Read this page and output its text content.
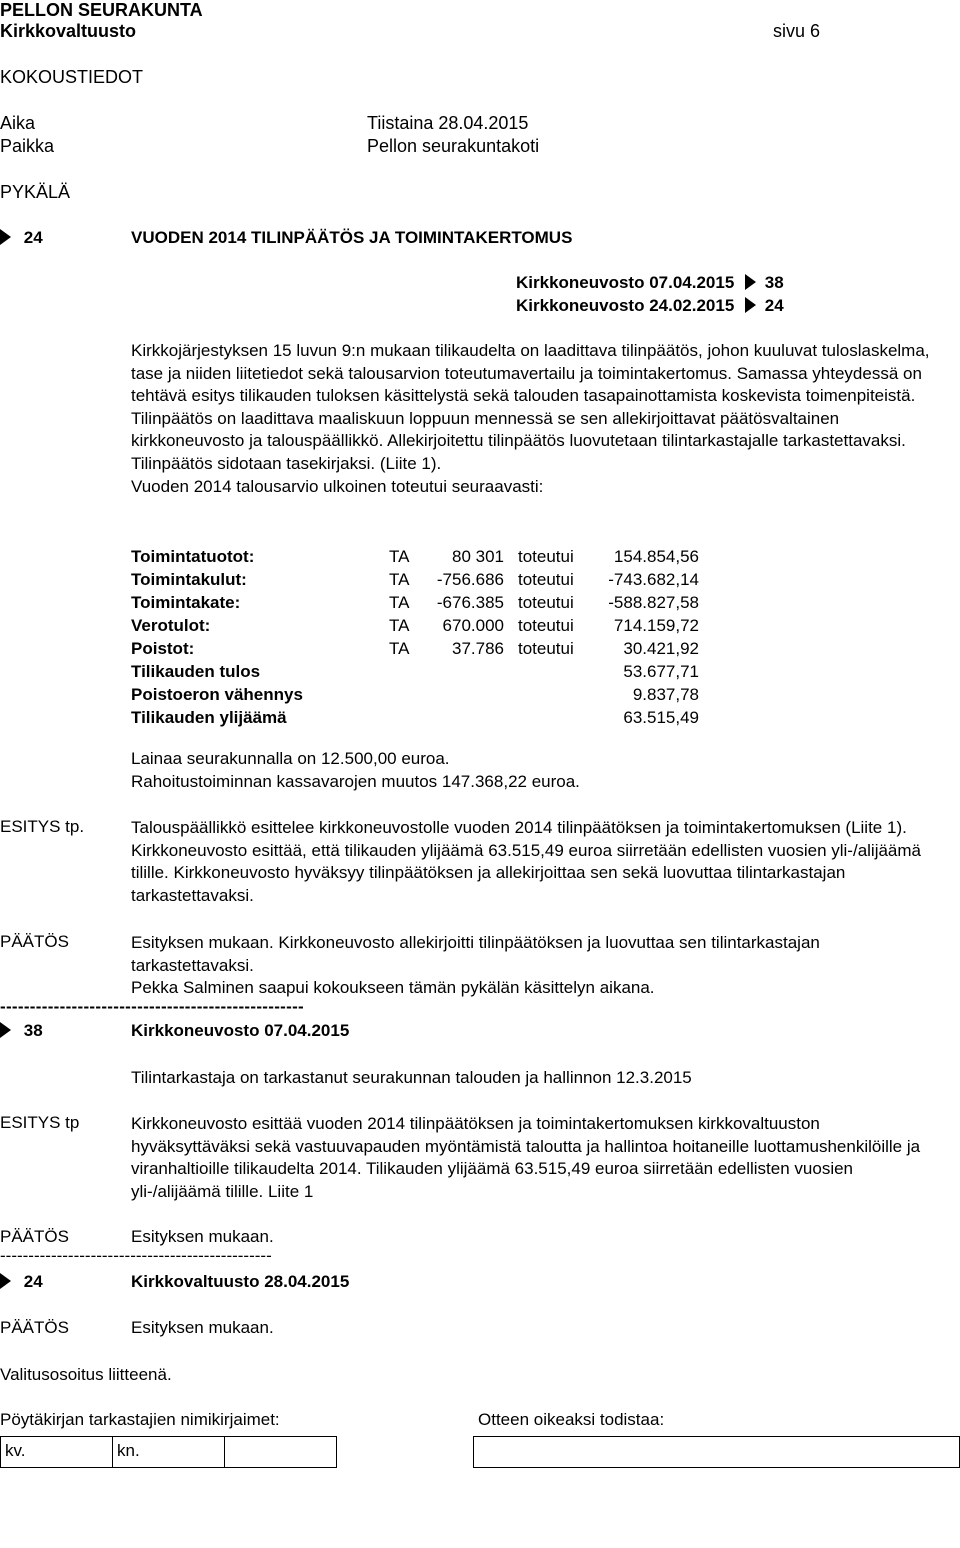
PELLON SEURAKUNTA
Kirkkovaltuusto	sivu 6
KOKOUSTIEDOT
Aika	Tiistaina 28.04.2015
Paikka	Pellon seurakuntakoti
PYKÄLÄ
24	VUODEN 2014 TILINPÄÄTÖS JA TOIMINTAKERTOMUS
Kirkkoneuvosto 07.04.2015 38
Kirkkoneuvosto 24.02.2015 24

Kirkkojärjestyksen 15 luvun 9:n mukaan tilikaudelta on laadittava tilinpäätös, johon kuuluvat tuloslaskelma, tase ja niiden liitetiedot sekä talousarvion toteutumavertailu ja toimintakertomus. Samassa yhteydessä on tehtävä esitys tilikauden tuloksen käsittelystä sekä talouden tasapainottamista koskevista toimenpiteistä. Tilinpäätös on laadittava maaliskuun loppuun mennessä se sen allekirjoittavat päätösvaltainen kirkkoneuvosto ja talouspäällikkö. Allekirjoitettu tilinpäätös luovutetaan tilintarkastajalle tarkastettavaksi. Tilinpäätös sidotaan tasekirjaksi. (Liite 1).

Vuoden 2014 talousarvio ulkoinen toteutui seuraavasti:

Toimintatuotot:	TA	80 301 toteutui	154.854,56
Toimintakulut:	TA	-756.686 toteutui	-743.682,14
Toimintakate:	TA	-676.385 toteutui	-588.827,58
Verotulot:	TA	670.000 toteutui	714.159,72
Poistot:	TA	37.786 toteutui	30.421,92
Tilikauden tulos	53.677,71
Poistoeron vähennys	9.837,78
Tilikauden ylijäämä	63.515,49
Lainaa seurakunnalla on 12.500,00 euroa.
Rahoitustoiminnan kassavarojen muutos 147.368,22 euroa.
ESITYS tp.	Talouspäällikkö esittelee kirkkoneuvostolle vuoden 2014 tilinpäätöksen ja toimintakertomuksen (Liite 1). Kirkkoneuvosto esittää, että tilikauden ylijäämä 63.515,49 euroa siirretään edellisten vuosien yli-/alijäämä tilille. Kirkkoneuvosto hyväksyy tilinpäätöksen ja allekirjoittaa sen sekä luovuttaa tilintarkastajan tarkastettavaksi.
PÄÄTÖS	Esityksen mukaan. Kirkkoneuvosto allekirjoitti tilinpäätöksen ja luovuttaa sen tilintarkastajan tarkastettavaksi.

Pekka Salminen saapui kokoukseen tämän pykälän käsittelyn aikana.

---------------------------------------------------
38	Kirkkoneuvosto 07.04.2015
Tilintarkastaja on tarkastanut seurakunnan talouden ja hallinnon 12.3.2015
ESITYS tp	Kirkkoneuvosto esittää vuoden 2014 tilinpäätöksen ja toimintakertomuksen kirkkovaltuuston hyväksyttäväksi sekä vastuuvapauden myöntämistä taloutta ja hallintoa hoitaneille luottamushenkilöille ja viranhaltioille tilikaudelta 2014. Tilikauden ylijäämä 63.515,49 euroa siirretään edellisten vuosien yli-/alijäämä tilille. Liite 1
PÄÄTÖS	Esityksen mukaan.
------------------------------------------------
24	Kirkkovaltuusto 28.04.2015
PÄÄTÖS	Esityksen mukaan.
Valitusosoitus liitteenä.
Pöytäkirjan tarkastajien nimikirjaimet:	Otteen oikeaksi todistaa:
kv.	kn.
